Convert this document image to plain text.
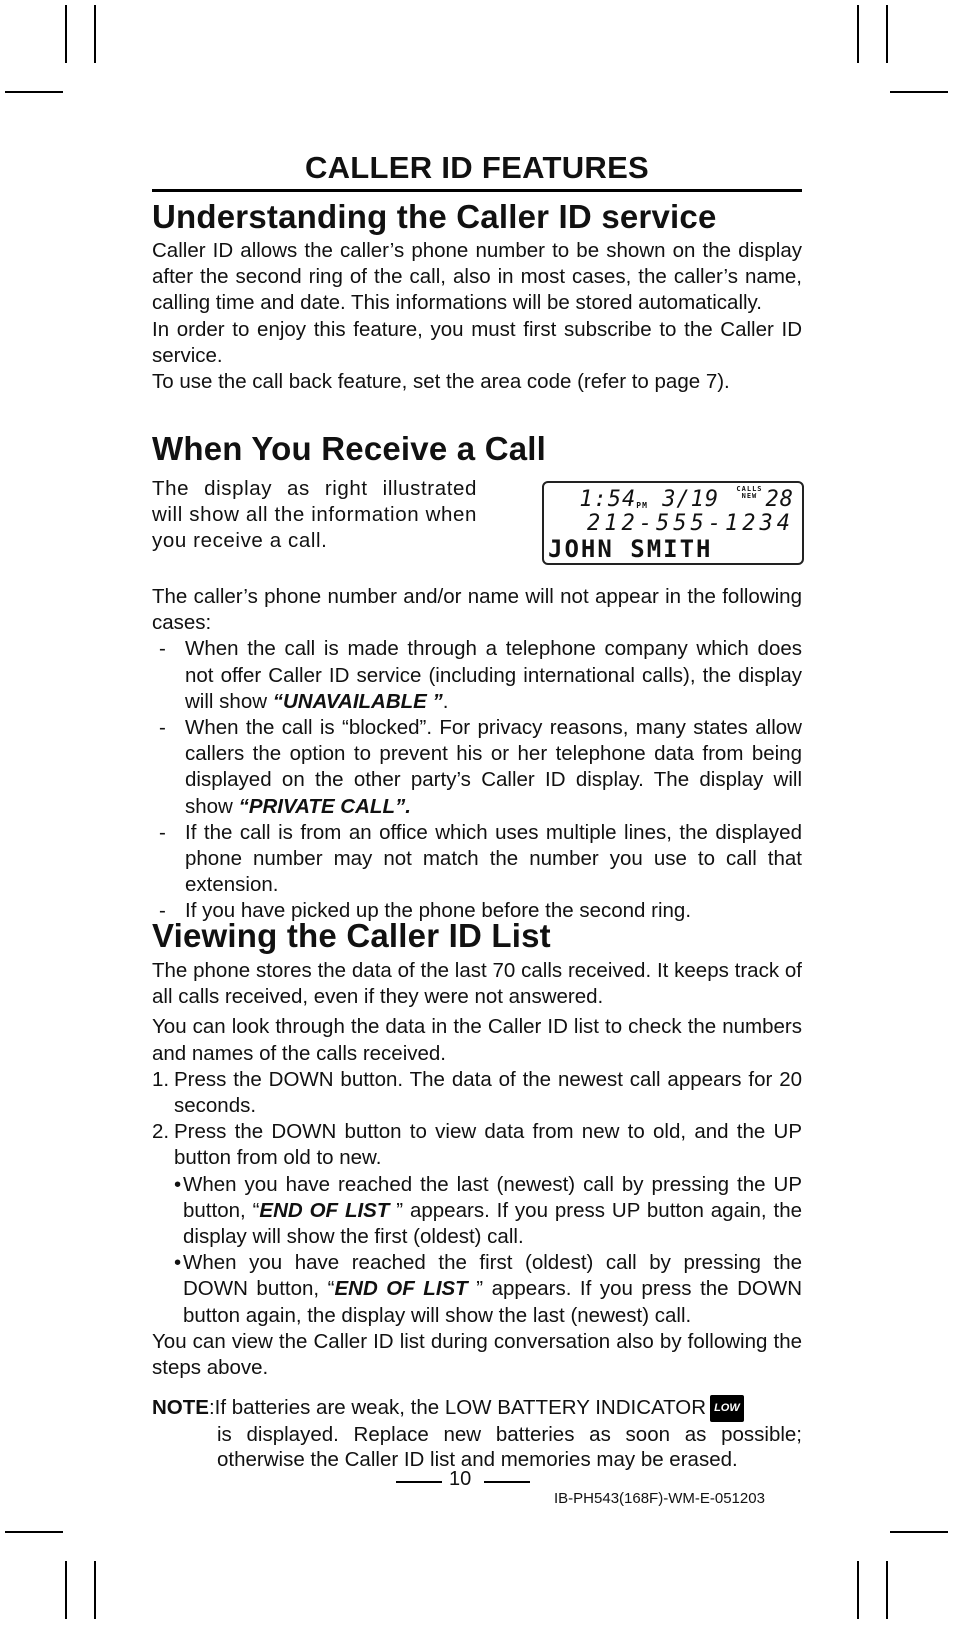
CALLER ID FEATURES
Understanding the Caller ID service

Caller ID allows the caller’s phone number to be shown on the display after the second ring of the call, also in most cases, the caller’s name, calling time and date. This informations will be stored automatically.

In order to enjoy this feature, you must first subscribe to the Caller ID service.

To use the call back feature, set the area code (refer to page 7).

When You Receive a Call

The display as right illustrated will show all the information when you receive a call.

1:54PM 3/19 CALLS
NEW 28
212-555-1234
JOHN SMITH

The caller’s phone number and/or name will not appear in the following cases:

- When the call is made through a telephone company which does not offer Caller ID service (including international calls), the display will show “UNAVAILABLE ”.
- When the call is “blocked”. For privacy reasons, many states allow callers the option to prevent his or her telephone data from being displayed on the other party’s Caller ID display. The display will show “PRIVATE CALL”.
- If the call is from an office which uses multiple lines, the displayed phone number may not match the number you use to call that extension.
- If you have picked up the phone before the second ring.
Viewing the Caller ID List

The phone stores the data of the last 70 calls received. It keeps track of all calls received, even if they were not answered.

You can look through the data in the Caller ID list to check the numbers and names of the calls received.

1. Press the DOWN button. The data of the newest call appears for 20 seconds.
2. Press the DOWN button to view data from new to old, and the UP button from old to new.
• When you have reached the last (newest) call by pressing the UP button, “END OF LIST ” appears. If you press UP button again, the display will show the first (oldest) call.
• When you have reached the first (oldest) call by pressing the DOWN button, “END OF LIST ” appears. If you press the DOWN button again, the display will show the last (newest) call.

You can view the Caller ID list during conversation also by following the steps above.

NOTE:If batteries are weak, the LOW BATTERY INDICATOR LOW
is displayed. Replace new batteries as soon as possible; otherwise the Caller ID list and memories may be erased.
10
IB-PH543(168F)-WM-E-051203
